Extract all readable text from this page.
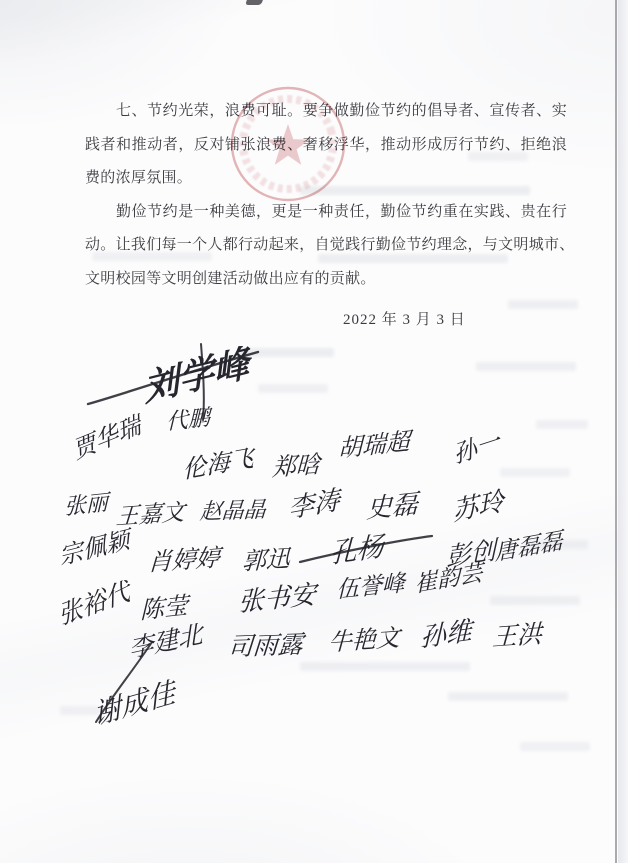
七、节约光荣，浪费可耻。要争做勤俭节约的倡导者、宣传者、实
践者和推动者，反对铺张浪费、奢移浮华，推动形成厉行节约、拒绝浪
费的浓厚氛围。
勤俭节约是一种美德，更是一种责任，勤俭节约重在实践、贵在行
动。让我们每一个人都行动起来，自觉践行勤俭节约理念，与文明城市、
文明校园等文明创建活动做出应有的贡献。
2022 年 3 月 3 日
刘学峰
贾华瑞 代鹏
伦海飞 郑晗
胡瑞超 孙一
张丽 王嘉文 赵晶晶 李涛 史磊 苏玲
宗佩颖 肖婷婷 郭迅 孔杨 彭创
唐磊磊
张裕代 陈莹 张书安 伍誉峰 崔韵芸
李建北 司雨露 牛艳文 孙维 王洪
谢成佳
